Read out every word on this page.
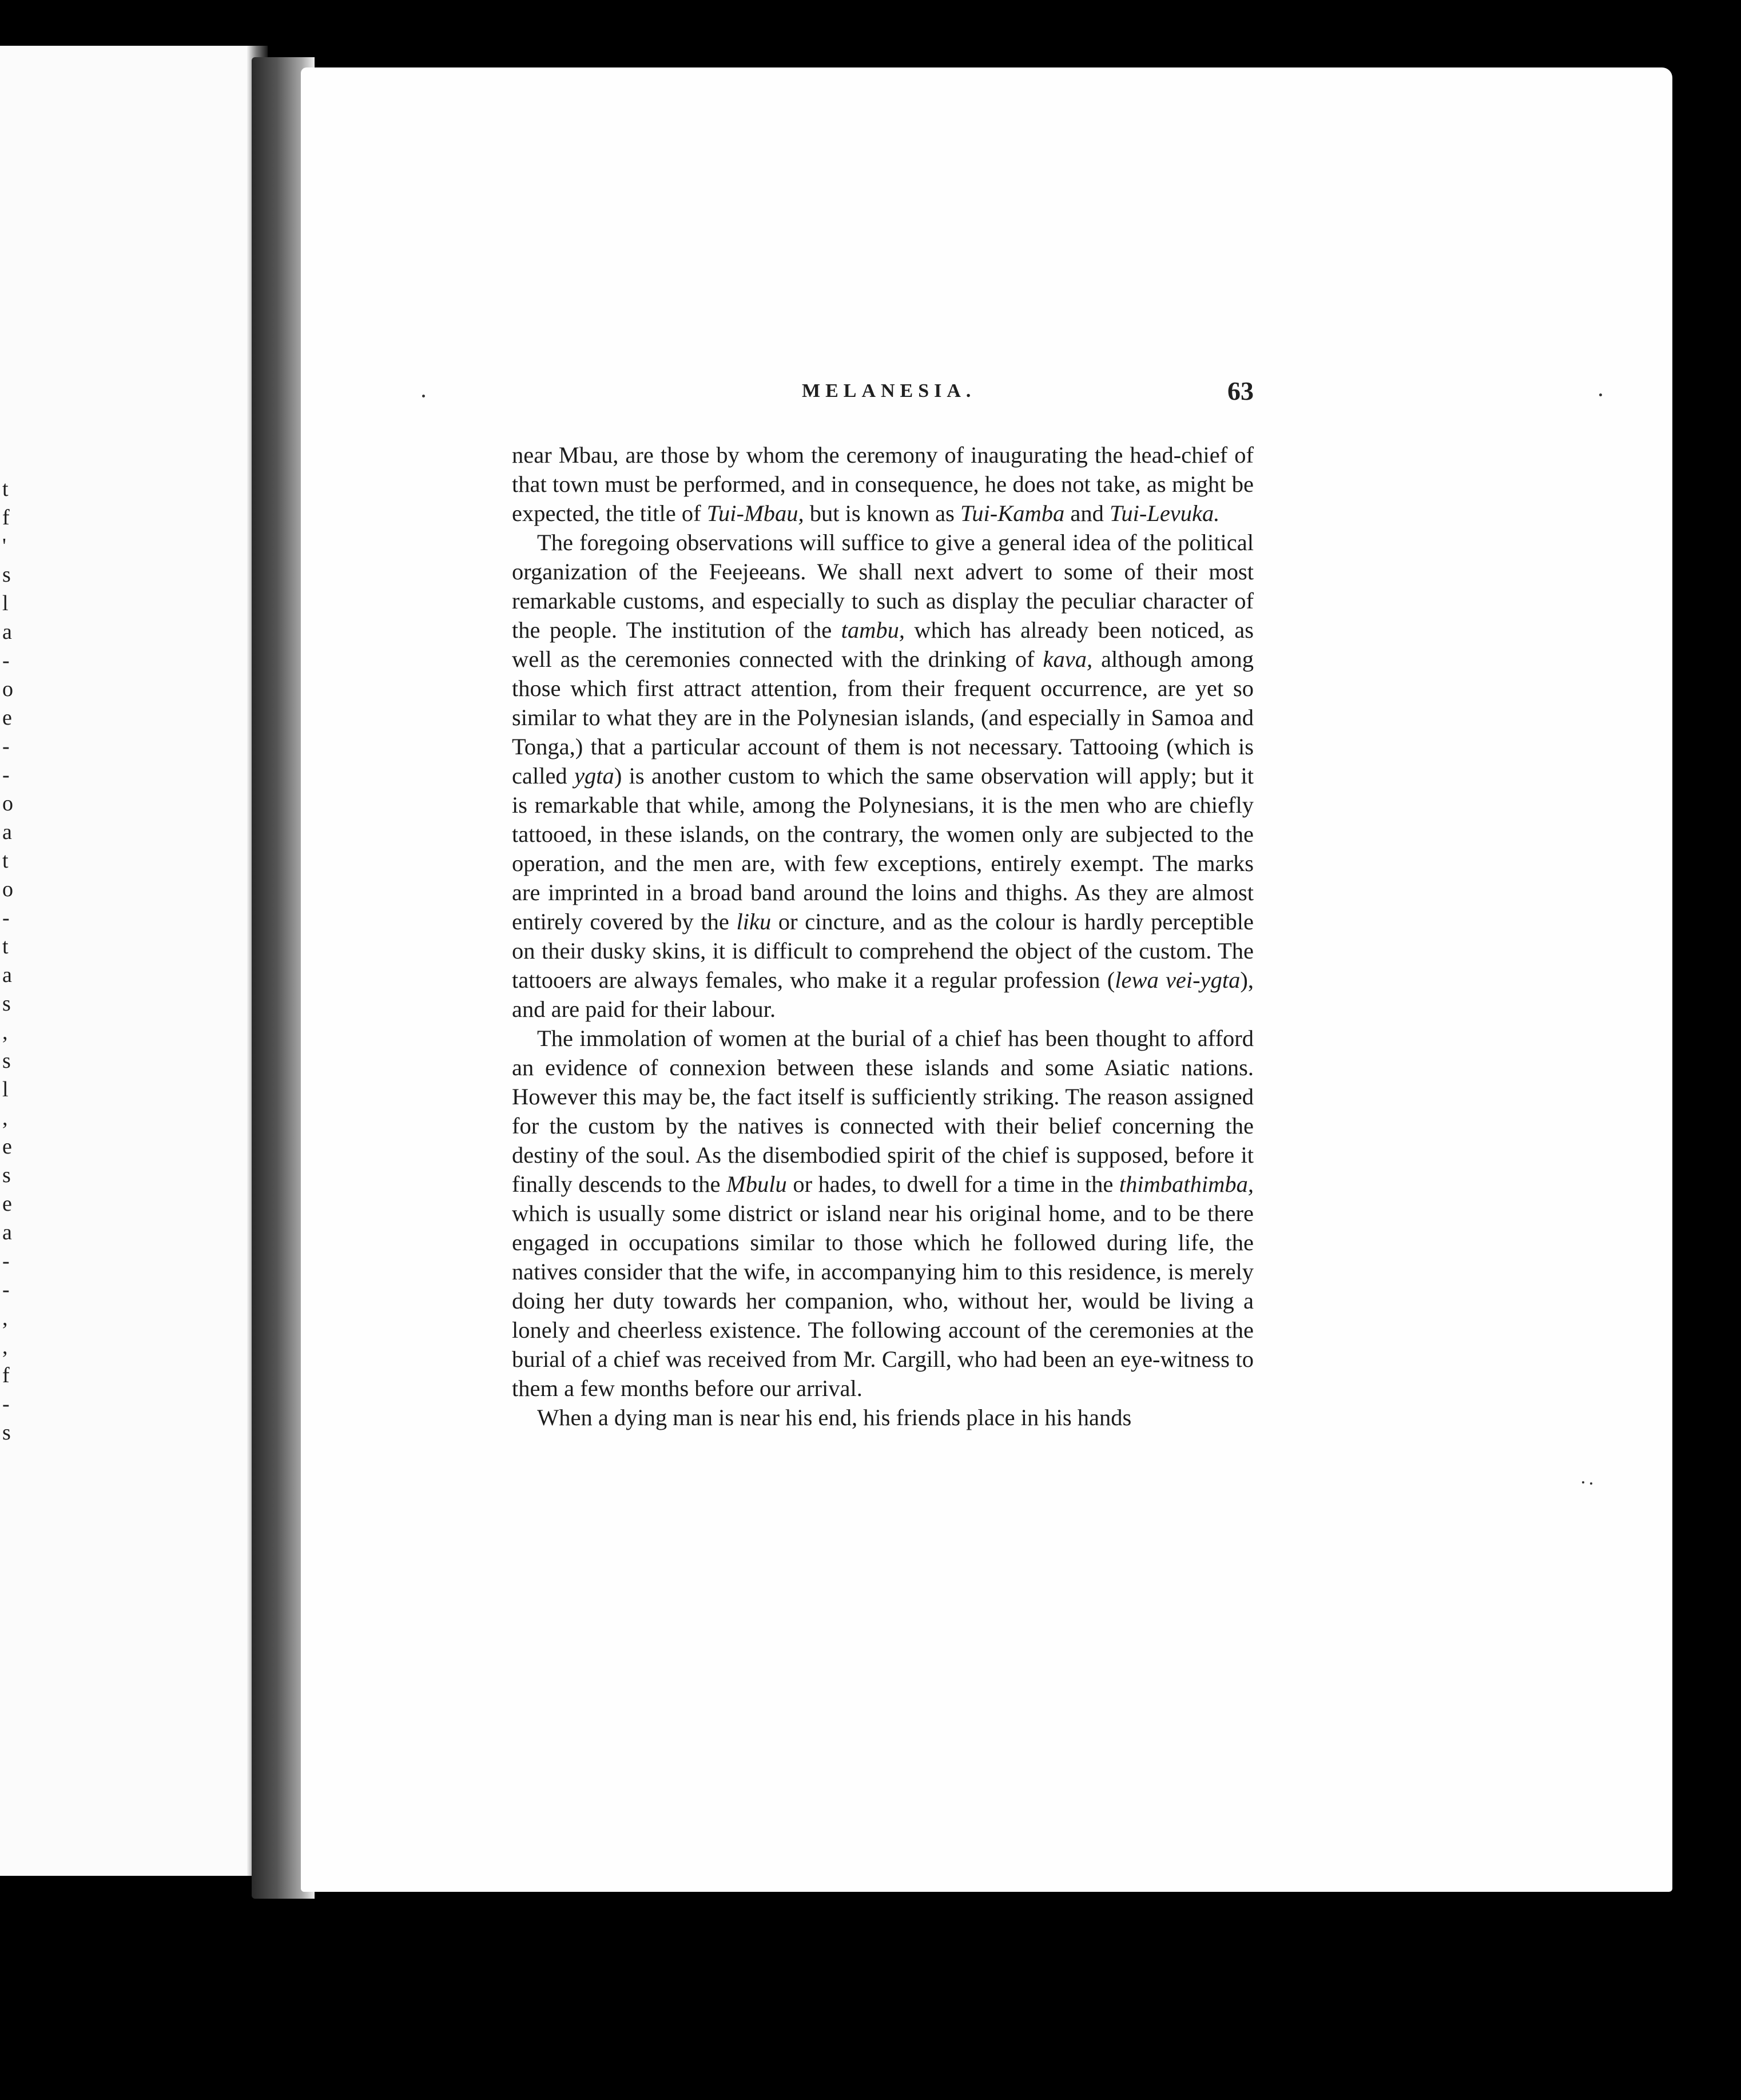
t
f
'
s
l
a
-
o
e
-
-
o
a
t
o
-
t
a
s
,
s
l
,
e
s
e
a
-
-
,
,
f
-
s
MELANESIA.	63

near Mbau, are those by whom the ceremony of inaugurating the head-chief of that town must be performed, and in consequence, he does not take, as might be expected, the title of Tui-Mbau, but is known as Tui-Kamba and Tui-Levuka.

The foregoing observations will suffice to give a general idea of the political organization of the Feejeeans. We shall next advert to some of their most remarkable customs, and especially to such as display the peculiar character of the people. The institution of the tambu, which has already been noticed, as well as the ceremonies connected with the drinking of kava, although among those which first attract attention, from their frequent occurrence, are yet so similar to what they are in the Polynesian islands, (and especially in Samoa and Tonga,) that a particular account of them is not necessary. Tattooing (which is called ygta) is another custom to which the same observation will apply; but it is remarkable that while, among the Polynesians, it is the men who are chiefly tattooed, in these islands, on the contrary, the women only are subjected to the operation, and the men are, with few exceptions, entirely exempt. The marks are imprinted in a broad band around the loins and thighs. As they are almost entirely covered by the liku or cincture, and as the colour is hardly perceptible on their dusky skins, it is difficult to comprehend the object of the custom. The tattooers are always females, who make it a regular profession (lewa vei-ygta), and are paid for their labour.

The immolation of women at the burial of a chief has been thought to afford an evidence of connexion between these islands and some Asiatic nations. However this may be, the fact itself is sufficiently striking. The reason assigned for the custom by the natives is connected with their belief concerning the destiny of the soul. As the disembodied spirit of the chief is supposed, before it finally descends to the Mbulu or hades, to dwell for a time in the thimbathimba, which is usually some district or island near his original home, and to be there engaged in occupations similar to those which he followed during life, the natives consider that the wife, in accompanying him to this residence, is merely doing her duty towards her companion, who, without her, would be living a lonely and cheerless existence. The following account of the ceremonies at the burial of a chief was received from Mr. Cargill, who had been an eye-witness to them a few months before our arrival.

When a dying man is near his end, his friends place in his hands
